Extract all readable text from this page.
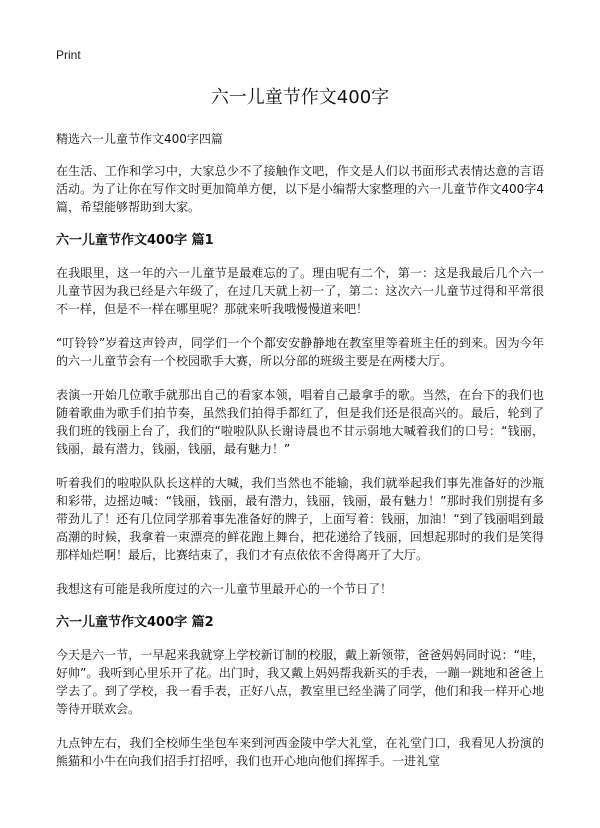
Print
六一儿童节作文400字

精选六一儿童节作文400字四篇

在生活、工作和学习中，大家总少不了接触作文吧，作文是人们以书面形式表情达意的言语活动。为了让你在写作文时更加简单方便，以下是小编帮大家整理的六一儿童节作文400字4篇，希望能够帮助到大家。

六一儿童节作文400字 篇1

在我眼里，这一年的六一儿童节是最难忘的了。理由呢有二个，第一：这是我最后几个六一儿童节因为我已经是六年级了，在过几天就上初一了，第二：这次六一儿童节过得和平常很不一样，但是不一样在哪里呢？那就来听我哦慢慢道来吧！

“叮铃铃”岁着这声铃声，同学们一个个都安安静静地在教室里等着班主任的到来。因为今年的六一儿童节会有一个校园歌手大赛，所以分部的班级主要是在两楼大厅。

表演一开始几位歌手就那出自己的看家本领，唱着自己最拿手的歌。当然，在台下的我们也随着歌曲为歌手们拍节奏，虽然我们拍得手都红了，但是我们还是很高兴的。最后，轮到了我们班的钱丽上台了，我们的“啦啦队队长谢诗晨也不甘示弱地大喊着我们的口号：“钱丽，钱丽，最有潜力，钱丽，钱丽，最有魅力！”

听着我们的啦啦队队长这样的大喊，我们当然也不能输，我们就举起我们事先准备好的沙瓶和彩带，边摇边喊：“钱丽，钱丽，最有潜力，钱丽，钱丽，最有魅力！”那时我们别提有多带劲儿了！还有几位同学那着事先准备好的牌子，上面写着：钱丽，加油！“到了钱丽唱到最高潮的时候，我拿着一束漂亮的鲜花跑上舞台，把花递给了钱丽，回想起那时的我们是笑得那样灿烂啊！最后，比赛结束了，我们才有点依依不舍得离开了大厅。

我想这有可能是我所度过的六一儿童节里最开心的一个节日了！

六一儿童节作文400字 篇2

今天是六一节，一早起来我就穿上学校新订制的校服，戴上新领带，爸爸妈妈同时说：“哇，好帅”。我听到心里乐开了花。出门时，我又戴上妈妈帮我新买的手表，一蹦一跳地和爸爸上学去了。到了学校，我一看手表，正好八点，教室里已经坐满了同学，他们和我一样开心地等待开联欢会。

九点钟左右，我们全校师生坐包车来到河西金陵中学大礼堂，在礼堂门口，我看见人扮演的熊猫和小牛在向我们招手打招呼，我们也开心地向他们挥挥手。一进礼堂
